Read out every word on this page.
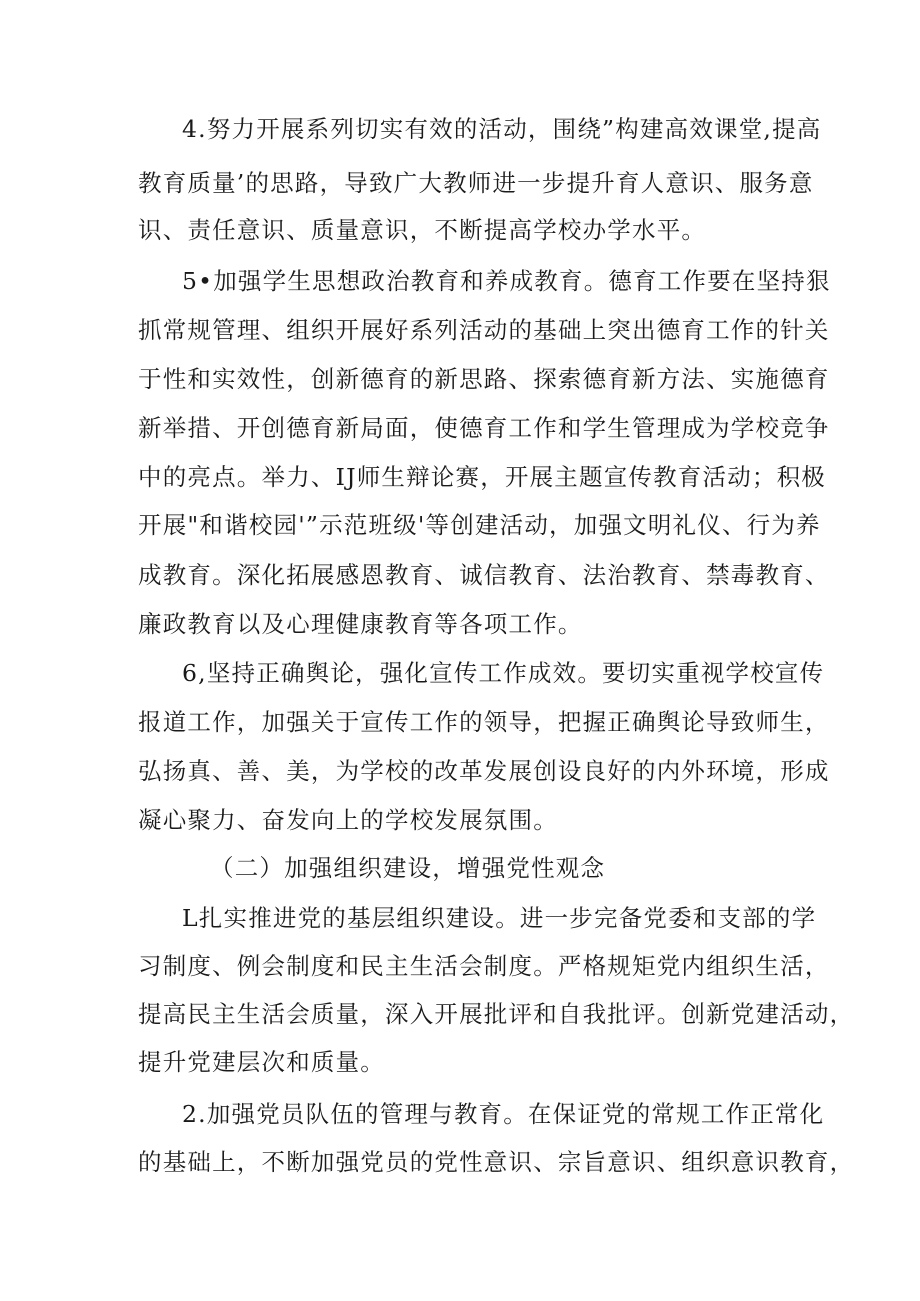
4.努力开展系列切实有效的活动，围绕”构建高效课堂,提高
教育质量’的思路，导致广大教师进一步提升育人意识、服务意
识、责任意识、质量意识，不断提高学校办学水平。
5•加强学生思想政治教育和养成教育。德育工作要在坚持狠
抓常规管理、组织开展好系列活动的基础上突出德育工作的针关
于性和实效性，创新德育的新思路、探索德育新方法、实施德育
新举措、开创德育新局面，使德育工作和学生管理成为学校竞争
中的亮点。举力、IJ师生辩论赛，开展主题宣传教育活动；积极
开展"和谐校园'”示范班级'等创建活动，加强文明礼仪、行为养
成教育。深化拓展感恩教育、诚信教育、法治教育、禁毒教育、
廉政教育以及心理健康教育等各项工作。
6,坚持正确舆论，强化宣传工作成效。要切实重视学校宣传
报道工作，加强关于宣传工作的领导，把握正确舆论导致师生，
弘扬真、善、美，为学校的改革发展创设良好的内外环境，形成
凝心聚力、奋发向上的学校发展氛围。
（二）加强组织建设，增强党性观念
L扎实推进党的基层组织建设。进一步完备党委和支部的学
习制度、例会制度和民主生活会制度。严格规矩党内组织生活，
提高民主生活会质量，深入开展批评和自我批评。创新党建活动，
提升党建层次和质量。
2.加强党员队伍的管理与教育。在保证党的常规工作正常化
的基础上，不断加强党员的党性意识、宗旨意识、组织意识教育，
